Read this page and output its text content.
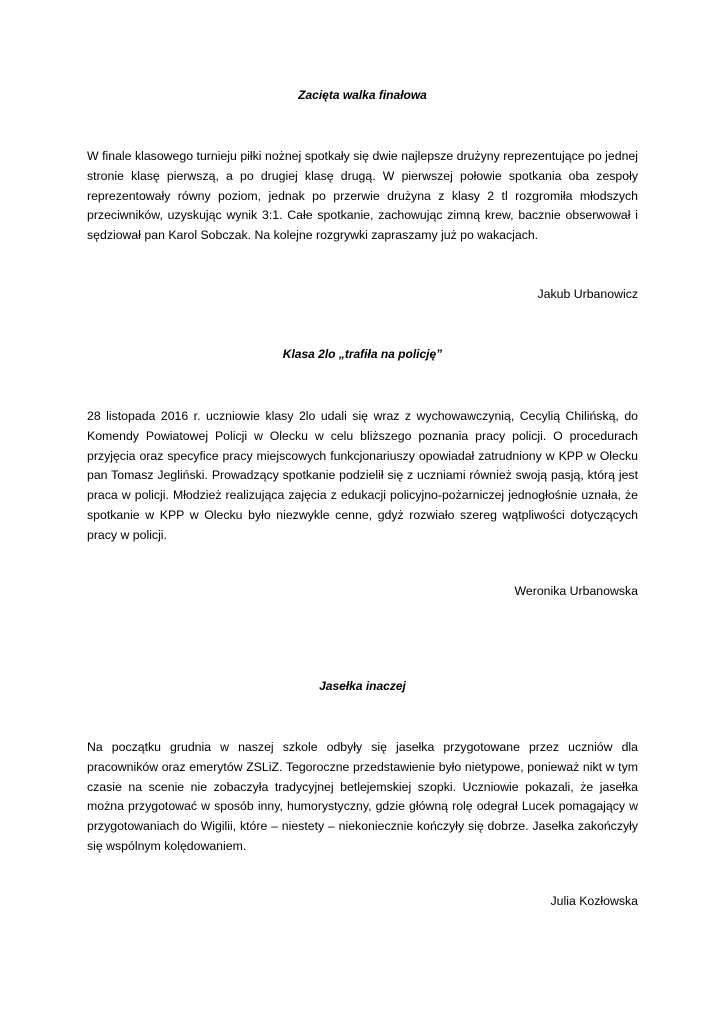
Zacięta walka finałowa

W finale klasowego turnieju piłki nożnej spotkały się dwie najlepsze drużyny reprezentujące po jednej stronie klasę pierwszą, a po drugiej klasę drugą. W pierwszej połowie spotkania oba zespoły reprezentowały równy poziom, jednak po przerwie drużyna z klasy 2 tl rozgromiła młodszych przeciwników, uzyskując wynik 3:1. Całe spotkanie, zachowując zimną krew, bacznie obserwował i sędziował pan Karol Sobczak. Na kolejne rozgrywki zapraszamy już po wakacjach.

Jakub Urbanowicz

Klasa 2lo „trafiła na policję”

28 listopada 2016 r. uczniowie klasy 2lo udali się wraz z wychowawczynią, Cecylią Chilińską, do Komendy Powiatowej Policji w Olecku w celu bliższego poznania pracy policji. O procedurach przyjęcia oraz specyfice pracy miejscowych funkcjonariuszy opowiadał zatrudniony w KPP w Olecku pan Tomasz Jegliński. Prowadzący spotkanie podzielił się z uczniami również swoją pasją, którą jest praca w policji. Młodzież realizująca zajęcia z edukacji policyjno-pożarniczej jednogłośnie uznała, że spotkanie w KPP w Olecku było niezwykle cenne, gdyż rozwiało szereg wątpliwości dotyczących pracy w policji.

Weronika Urbanowska

Jasełka inaczej

Na początku grudnia w naszej szkole odbyły się jasełka przygotowane przez uczniów dla pracowników oraz emerytów ZSLiZ. Tegoroczne przedstawienie było nietypowe, ponieważ nikt w tym czasie na scenie nie zobaczyła tradycyjnej betlejemskiej szopki. Uczniowie pokazali, że jasełka można przygotować w sposób inny, humorystyczny, gdzie główną rolę odegrał Lucek pomagający w przygotowaniach do Wigilii, które – niestety – niekoniecznie kończyły się dobrze. Jasełka zakończyły się wspólnym kolędowaniem.

Julia Kozłowska
